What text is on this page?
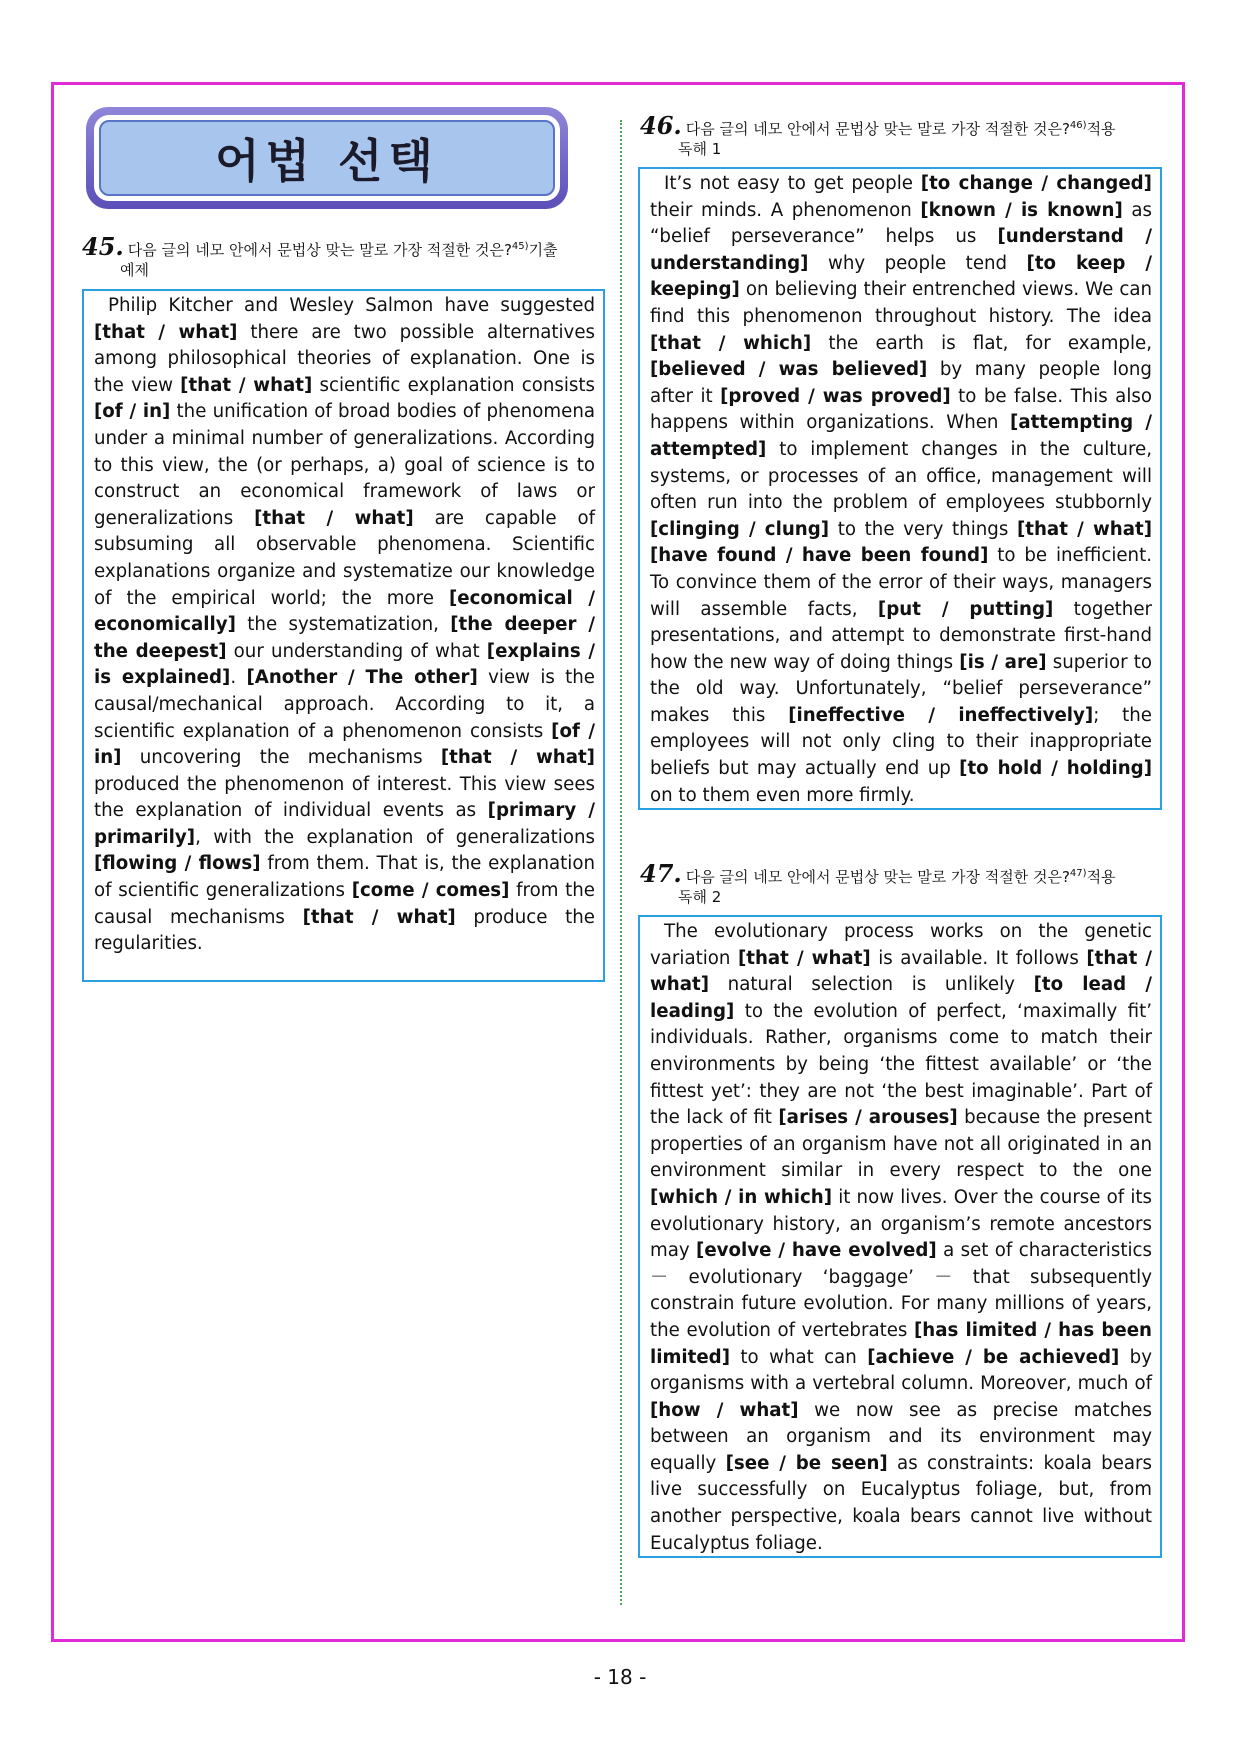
어법 선택
45. 다음 글의 네모 안에서 문법상 맞는 말로 가장 적절한 것은?$^{45)}$기출
예제
Philip Kitcher and Wesley Salmon have suggested [that / what] there are two possible alternatives among philosophical theories of explanation. One is the view [that / what] scientific explanation consists [of / in] the unification of broad bodies of phenomena under a minimal number of generalizations. According to this view, the (or perhaps, a) goal of science is to construct an economical framework of laws or generalizations [that / what] are capable of subsuming all observable phenomena. Scientific explanations organize and systematize our knowledge of the empirical world; the more [economical / economically] the systematization, [the deeper / the deepest] our understanding of what [explains / is explained]. [Another / The other] view is the causal/mechanical approach. According to it, a scientific explanation of a phenomenon consists [of / in] uncovering the mechanisms [that / what] produced the phenomenon of interest. This view sees the explanation of individual events as [primary / primarily], with the explanation of generalizations [flowing / flows] from them. That is, the explanation of scientific generalizations [come / comes] from the causal mechanisms [that / what] produce the regularities.
46. 다음 글의 네모 안에서 문법상 맞는 말로 가장 적절한 것은?$^{46)}$적용
독해 1
It’s not easy to get people [to change / changed] their minds. A phenomenon [known / is known] as “belief perseverance” helps us [understand / understanding] why people tend [to keep / keeping] on believing their entrenched views. We can find this phenomenon throughout history. The idea [that / which] the earth is flat, for example, [believed / was believed] by many people long after it [proved / was proved] to be false. This also happens within organizations. When [attempting / attempted] to implement changes in the culture, systems, or processes of an office, management will often run into the problem of employees stubbornly [clinging / clung] to the very things [that / what] [have found / have been found] to be inefficient. To convince them of the error of their ways, managers will assemble facts, [put / putting] together presentations, and attempt to demonstrate first-hand how the new way of doing things [is / are] superior to the old way. Unfortunately, “belief perseverance” makes this [ineffective / ineffectively]; the employees will not only cling to their inappropriate beliefs but may actually end up [to hold / holding] on to them even more firmly.
47. 다음 글의 네모 안에서 문법상 맞는 말로 가장 적절한 것은?$^{47)}$적용
독해 2
The evolutionary process works on the genetic variation [that / what] is available. It follows [that / what] natural selection is unlikely [to lead / leading] to the evolution of perfect, ‘maximally fit’ individuals. Rather, organisms come to match their environments by being ‘the fittest available’ or ‘the fittest yet’: they are not ‘the best imaginable’. Part of the lack of fit [arises / arouses] because the present properties of an organism have not all originated in an environment similar in every respect to the one [which / in which] it now lives. Over the course of its evolutionary history, an organism’s remote ancestors may [evolve / have evolved] a set of characteristics － evolutionary ‘baggage’ － that subsequently constrain future evolution. For many millions of years, the evolution of vertebrates [has limited / has been limited] to what can [achieve / be achieved] by organisms with a vertebral column. Moreover, much of [how / what] we now see as precise matches between an organism and its environment may equally [see / be seen] as constraints: koala bears live successfully on Eucalyptus foliage, but, from another perspective, koala bears cannot live without Eucalyptus foliage.
- 18 -
